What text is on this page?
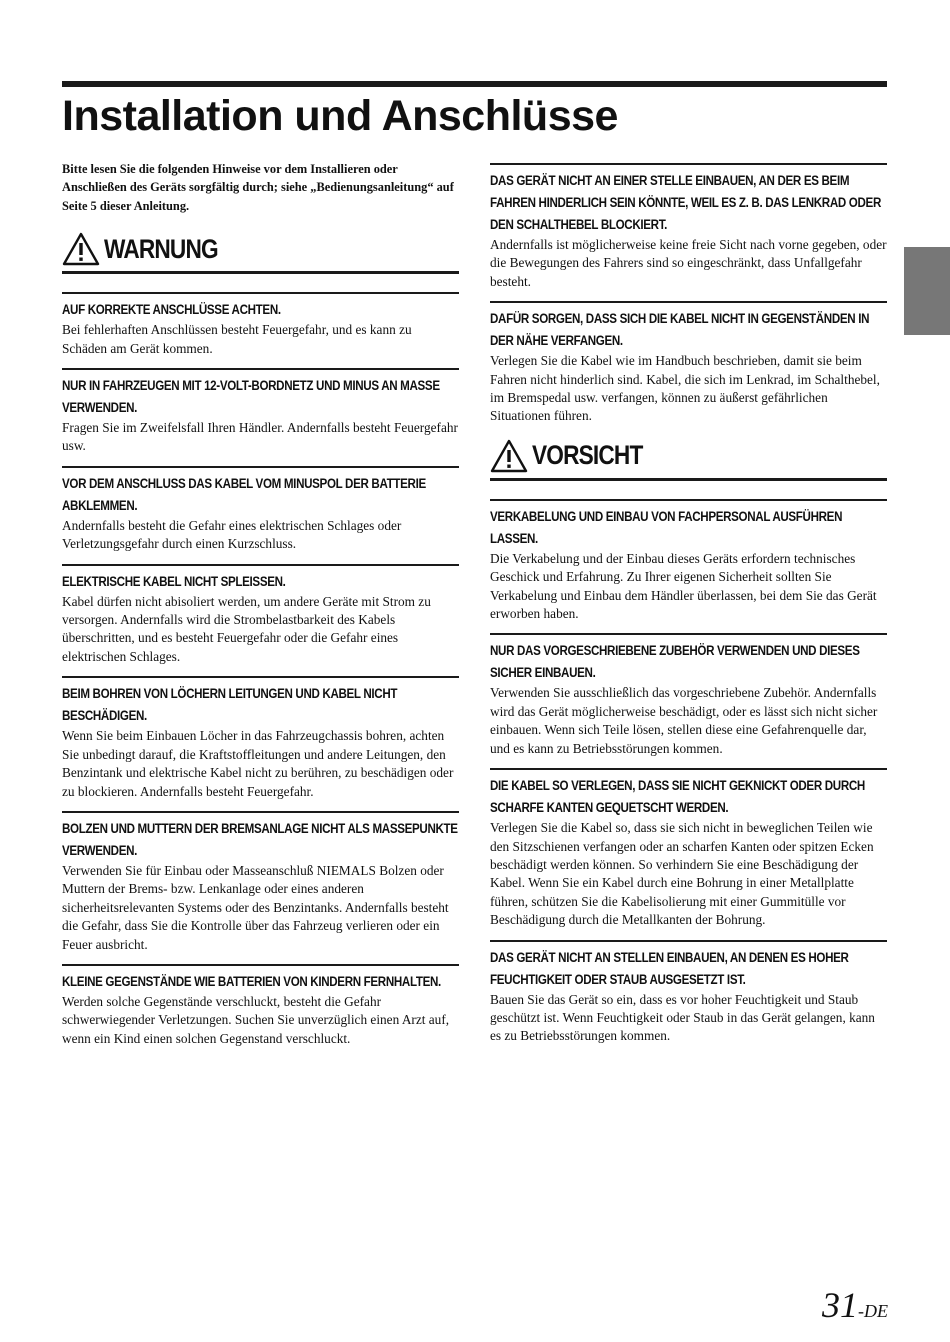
Installation und Anschlüsse

Bitte lesen Sie die folgenden Hinweise vor dem Installieren oder Anschließen des Geräts sorgfältig durch; siehe „Bedienungsanleitung“ auf Seite 5 dieser Anleitung.

WARNUNG

AUF KORREKTE ANSCHLÜSSE ACHTEN.

Bei fehlerhaften Anschlüssen besteht Feuergefahr, und es kann zu Schäden am Gerät kommen.

NUR IN FAHRZEUGEN MIT 12-VOLT-BORDNETZ UND MINUS AN MASSE VERWENDEN.

Fragen Sie im Zweifelsfall Ihren Händler. Andernfalls besteht Feuergefahr usw.

VOR DEM ANSCHLUSS DAS KABEL VOM MINUSPOL DER BATTERIE ABKLEMMEN.

Andernfalls besteht die Gefahr eines elektrischen Schlages oder Verletzungsgefahr durch einen Kurzschluss.

ELEKTRISCHE KABEL NICHT SPLEISSEN.

Kabel dürfen nicht abisoliert werden, um andere Geräte mit Strom zu versorgen. Andernfalls wird die Strombelastbarkeit des Kabels überschritten, und es besteht Feuergefahr oder die Gefahr eines elektrischen Schlages.

BEIM BOHREN VON LÖCHERN LEITUNGEN UND KABEL NICHT BESCHÄDIGEN.

Wenn Sie beim Einbauen Löcher in das Fahrzeugchassis bohren, achten Sie unbedingt darauf, die Kraftstoffleitungen und andere Leitungen, den Benzintank und elektrische Kabel nicht zu berühren, zu beschädigen oder zu blockieren. Andernfalls besteht Feuergefahr.

BOLZEN UND MUTTERN DER BREMSANLAGE NICHT ALS MASSEPUNKTE VERWENDEN.

Verwenden Sie für Einbau oder Masseanschluß NIEMALS Bolzen oder Muttern der Brems- bzw. Lenkanlage oder eines anderen sicherheitsrelevanten Systems oder des Benzintanks. Andernfalls besteht die Gefahr, dass Sie die Kontrolle über das Fahrzeug verlieren oder ein Feuer ausbricht.

KLEINE GEGENSTÄNDE WIE BATTERIEN VON KINDERN FERNHALTEN.

Werden solche Gegenstände verschluckt, besteht die Gefahr schwerwiegender Verletzungen. Suchen Sie unverzüglich einen Arzt auf, wenn ein Kind einen solchen Gegenstand verschluckt.

DAS GERÄT NICHT AN EINER STELLE EINBAUEN, AN DER ES BEIM FAHREN HINDERLICH SEIN KÖNNTE, WEIL ES Z. B. DAS LENKRAD ODER DEN SCHALTHEBEL BLOCKIERT.

Andernfalls ist möglicherweise keine freie Sicht nach vorne gegeben, oder die Bewegungen des Fahrers sind so eingeschränkt, dass Unfallgefahr besteht.

DAFÜR SORGEN, DASS SICH DIE KABEL NICHT IN GEGENSTÄNDEN IN DER NÄHE VERFANGEN.

Verlegen Sie die Kabel wie im Handbuch beschrieben, damit sie beim Fahren nicht hinderlich sind. Kabel, die sich im Lenkrad, im Schalthebel, im Bremspedal usw. verfangen, können zu äußerst gefährlichen Situationen führen.

VORSICHT

VERKABELUNG UND EINBAU VON FACHPERSONAL AUSFÜHREN LASSEN.

Die Verkabelung und der Einbau dieses Geräts erfordern technisches Geschick und Erfahrung. Zu Ihrer eigenen Sicherheit sollten Sie Verkabelung und Einbau dem Händler überlassen, bei dem Sie das Gerät erworben haben.

NUR DAS VORGESCHRIEBENE ZUBEHÖR VERWENDEN UND DIESES SICHER EINBAUEN.

Verwenden Sie ausschließlich das vorgeschriebene Zubehör. Andernfalls wird das Gerät möglicherweise beschädigt, oder es lässt sich nicht sicher einbauen. Wenn sich Teile lösen, stellen diese eine Gefahrenquelle dar, und es kann zu Betriebsstörungen kommen.

DIE KABEL SO VERLEGEN, DASS SIE NICHT GEKNICKT ODER DURCH SCHARFE KANTEN GEQUETSCHT WERDEN.

Verlegen Sie die Kabel so, dass sie sich nicht in beweglichen Teilen wie den Sitzschienen verfangen oder an scharfen Kanten oder spitzen Ecken beschädigt werden können. So verhindern Sie eine Beschädigung der Kabel. Wenn Sie ein Kabel durch eine Bohrung in einer Metallplatte führen, schützen Sie die Kabelisolierung mit einer Gummitülle vor Beschädigung durch die Metallkanten der Bohrung.

DAS GERÄT NICHT AN STELLEN EINBAUEN, AN DENEN ES HOHER FEUCHTIGKEIT ODER STAUB AUSGESETZT IST.

Bauen Sie das Gerät so ein, dass es vor hoher Feuchtigkeit und Staub geschützt ist. Wenn Feuchtigkeit oder Staub in das Gerät gelangen, kann es zu Betriebsstörungen kommen.

31-DE
